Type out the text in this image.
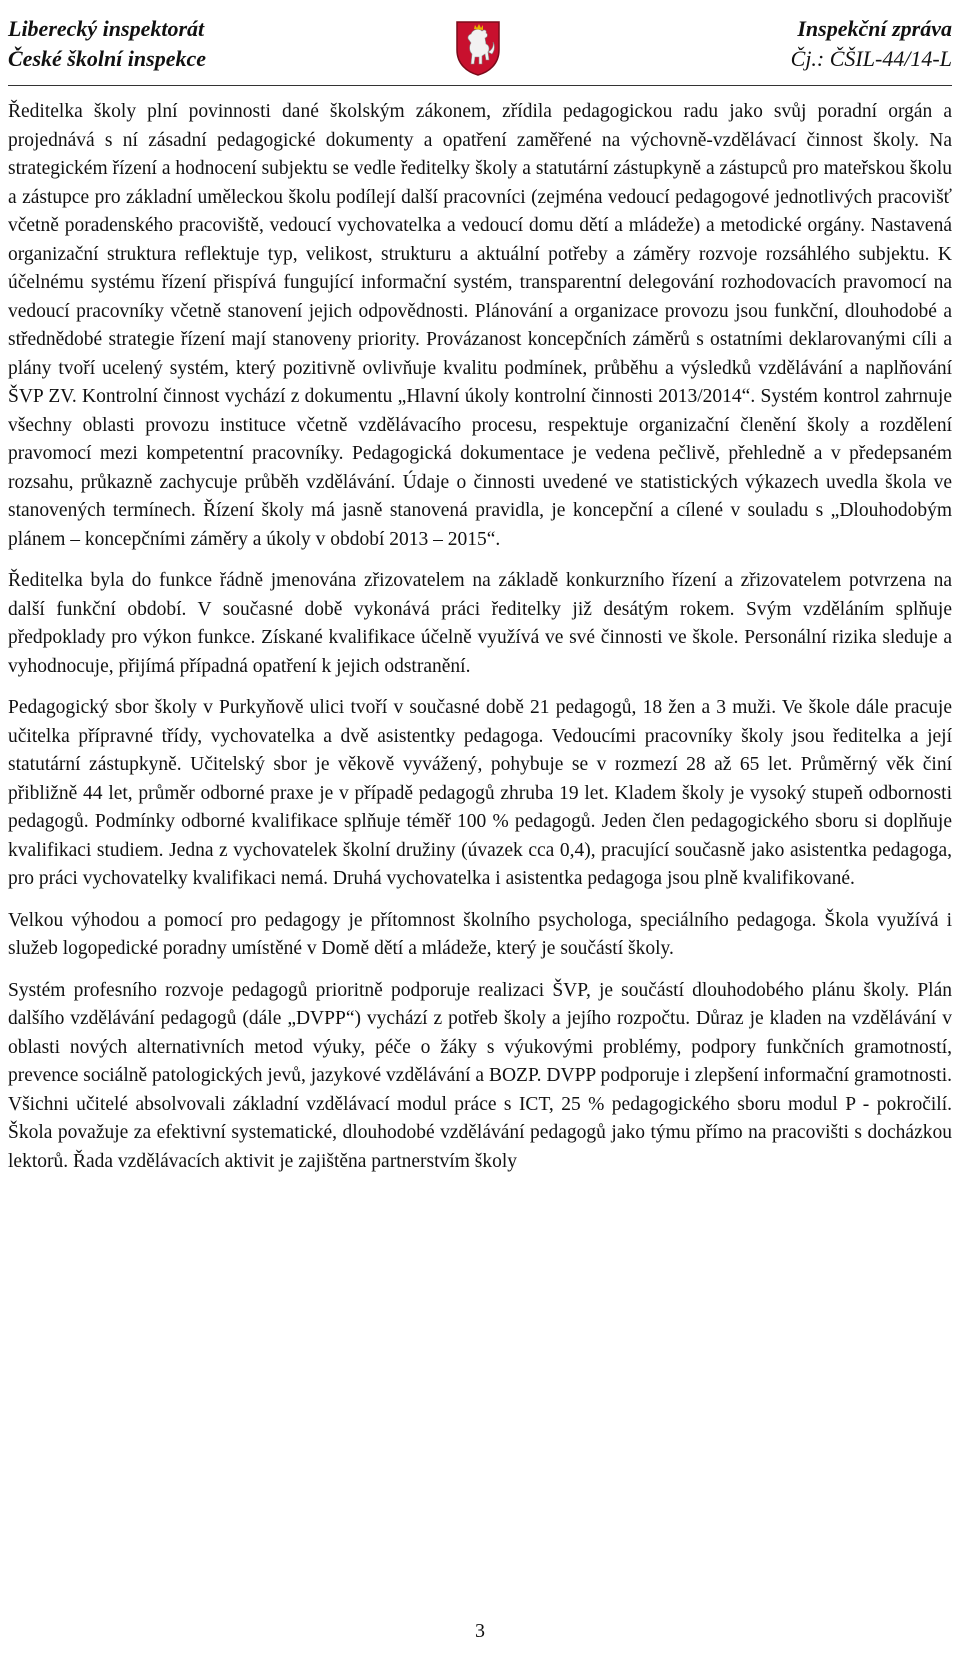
Liberecký inspektorát
České školní inspekce
Inspekční zpráva
Čj.: ČŠIL-44/14-L

Ředitelka školy plní povinnosti dané školským zákonem, zřídila pedagogickou radu jako svůj poradní orgán a projednává s ní zásadní pedagogické dokumenty a opatření zaměřené na výchovně-vzdělávací činnost školy. Na strategickém řízení a hodnocení subjektu se vedle ředitelky školy a statutární zástupkyně a zástupců pro mateřskou školu a zástupce pro základní uměleckou školu podílejí další pracovníci (zejména vedoucí pedagogové jednotlivých pracovišť včetně poradenského pracoviště, vedoucí vychovatelka a vedoucí domu dětí a mládeže) a metodické orgány. Nastavená organizační struktura reflektuje typ, velikost, strukturu a aktuální potřeby a záměry rozvoje rozsáhlého subjektu. K účelnému systému řízení přispívá fungující informační systém, transparentní delegování rozhodovacích pravomocí na vedoucí pracovníky včetně stanovení jejich odpovědnosti. Plánování a organizace provozu jsou funkční, dlouhodobé a střednědobé strategie řízení mají stanoveny priority. Provázanost koncepčních záměrů s ostatními deklarovanými cíli a plány tvoří ucelený systém, který pozitivně ovlivňuje kvalitu podmínek, průběhu a výsledků vzdělávání a naplňování ŠVP ZV. Kontrolní činnost vychází z dokumentu „Hlavní úkoly kontrolní činnosti 2013/2014“. Systém kontrol zahrnuje všechny oblasti provozu instituce včetně vzdělávacího procesu, respektuje organizační členění školy a rozdělení pravomocí mezi kompetentní pracovníky. Pedagogická dokumentace je vedena pečlivě, přehledně a v předepsaném rozsahu, průkazně zachycuje průběh vzdělávání. Údaje o činnosti uvedené ve statistických výkazech uvedla škola ve stanovených termínech. Řízení školy má jasně stanovená pravidla, je koncepční a cílené v souladu s „Dlouhodobým plánem – koncepčními záměry a úkoly v období 2013 – 2015“.

Ředitelka byla do funkce řádně jmenována zřizovatelem na základě konkurzního řízení a zřizovatelem potvrzena na další funkční období. V současné době vykonává práci ředitelky již desátým rokem. Svým vzděláním splňuje předpoklady pro výkon funkce. Získané kvalifikace účelně využívá ve své činnosti ve škole. Personální rizika sleduje a vyhodnocuje, přijímá případná opatření k jejich odstranění.

Pedagogický sbor školy v Purkyňově ulici tvoří v současné době 21 pedagogů, 18 žen a 3 muži. Ve škole dále pracuje učitelka přípravné třídy, vychovatelka a dvě asistentky pedagoga. Vedoucími pracovníky školy jsou ředitelka a její statutární zástupkyně. Učitelský sbor je věkově vyvážený, pohybuje se v rozmezí 28 až 65 let. Průměrný věk činí přibližně 44 let, průměr odborné praxe je v případě pedagogů zhruba 19 let. Kladem školy je vysoký stupeň odbornosti pedagogů. Podmínky odborné kvalifikace splňuje téměř 100 % pedagogů. Jeden člen pedagogického sboru si doplňuje kvalifikaci studiem. Jedna z vychovatelek školní družiny (úvazek cca 0,4), pracující současně jako asistentka pedagoga, pro práci vychovatelky kvalifikaci nemá. Druhá vychovatelka i asistentka pedagoga jsou plně kvalifikované.

Velkou výhodou a pomocí pro pedagogy je přítomnost školního psychologa, speciálního pedagoga. Škola využívá i služeb logopedické poradny umístěné v Domě dětí a mládeže, který je součástí školy.

Systém profesního rozvoje pedagogů prioritně podporuje realizaci ŠVP, je součástí dlouhodobého plánu školy. Plán dalšího vzdělávání pedagogů (dále „DVPP“) vychází z potřeb školy a jejího rozpočtu. Důraz je kladen na vzdělávání v oblasti nových alternativních metod výuky, péče o žáky s výukovými problémy, podpory funkčních gramotností, prevence sociálně patologických jevů, jazykové vzdělávání a BOZP. DVPP podporuje i zlepšení informační gramotnosti. Všichni učitelé absolvovali základní vzdělávací modul práce s ICT, 25 % pedagogického sboru modul P - pokročilí. Škola považuje za efektivní systematické, dlouhodobé vzdělávání pedagogů jako týmu přímo na pracovišti s docházkou lektorů. Řada vzdělávacích aktivit je zajištěna partnerstvím školy

3
